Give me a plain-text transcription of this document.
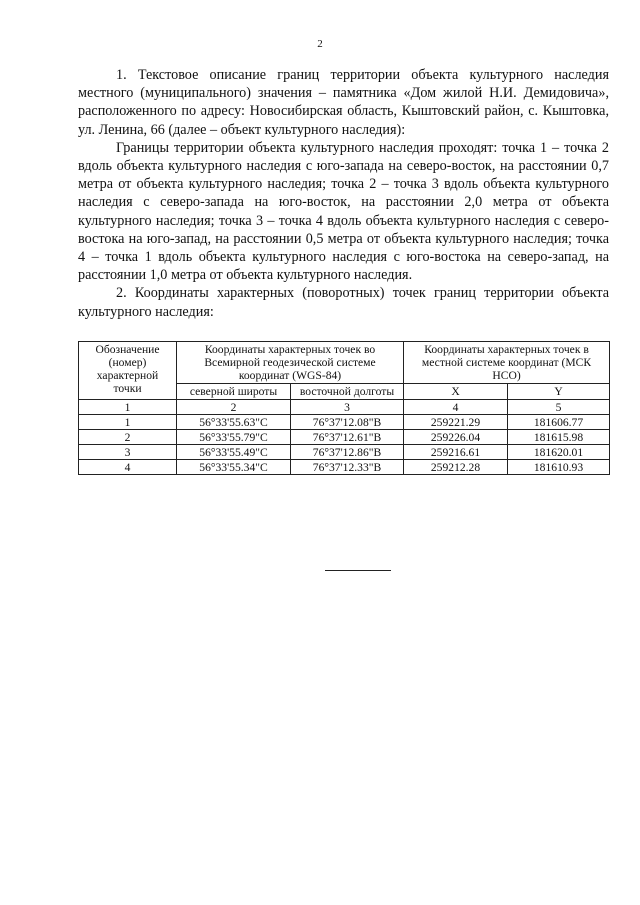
2

1. Текстовое описание границ территории объекта культурного наследия местного (муниципального) значения – памятника «Дом жилой Н.И. Демидовича», расположенного по адресу: Новосибирская область, Кыштовский район, с. Кыштовка, ул. Ленина, 66 (далее – объект культурного наследия):

Границы территории объекта культурного наследия проходят: точка 1 – точка 2 вдоль объекта культурного наследия с юго-запада на северо-восток, на расстоянии 0,7 метра от объекта культурного наследия; точка 2 – точка 3 вдоль объекта культурного наследия с северо-запада на юго-восток, на расстоянии 2,0 метра от объекта культурного наследия; точка 3 – точка 4 вдоль объекта культурного наследия с северо-востока на юго-запад, на расстоянии 0,5 метра от объекта культурного наследия; точка 4 – точка 1 вдоль объекта культурного наследия с юго-востока на северо-запад, на расстоянии 1,0 метра от объекта культурного наследия.

2. Координаты характерных (поворотных) точек границ территории объекта культурного наследия:

Обозначение (номер) характерной точки	Координаты характерных точек во Всемирной геодезической системе координат (WGS-84)		Координаты характерных точек в местной системе координат (МСК НСО)	
	северной широты	восточной долготы	X	Y
1	2	3	4	5
1	56°33'55.63"С	76°37'12.08"В	259221.29	181606.77
2	56°33'55.79"С	76°37'12.61"В	259226.04	181615.98
3	56°33'55.49"С	76°37'12.86"В	259216.61	181620.01
4	56°33'55.34"С	76°37'12.33"В	259212.28	181610.93
